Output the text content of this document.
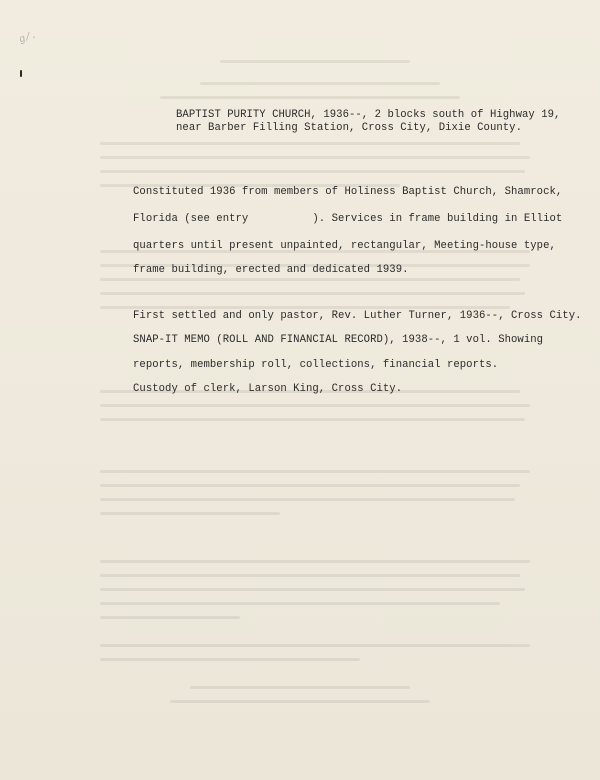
g/.
BAPTIST PURITY CHURCH, 1936--, 2 blocks south of Highway 19,
near Barber Filling Station, Cross City, Dixie County.
Constituted 1936 from members of Holiness Baptist Church, Shamrock,
Florida (see entry          ). Services in frame building in Elliot
quarters until present unpainted, rectangular, Meeting-house type,
frame building, erected and dedicated 1939.
First settled and only pastor, Rev. Luther Turner, 1936--, Cross City.
SNAP-IT MEMO (ROLL AND FINANCIAL RECORD), 1938--, 1 vol. Showing
reports, membership roll, collections, financial reports.
Custody of clerk, Larson King, Cross City.
